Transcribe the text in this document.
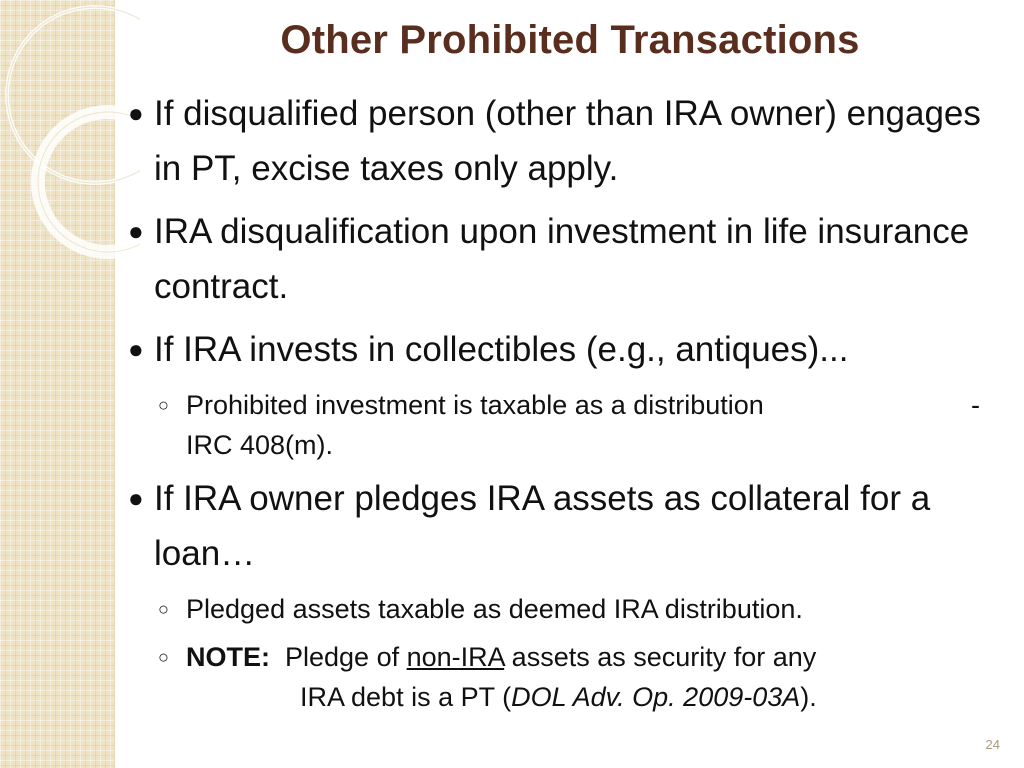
Other Prohibited Transactions
● If disqualified person (other than IRA owner) engages in PT, excise taxes only apply.
● IRA disqualification upon investment in life insurance contract.
● If IRA invests in collectibles (e.g., antiques)...
○ Prohibited investment is taxable as a distribution	-

IRC 408(m).
● If IRA owner pledges IRA assets as collateral for a loan…
○ Pledged assets taxable as deemed IRA distribution.
○ NOTE:  Pledge of non-IRA assets as security for any
IRA debt is a PT (DOL Adv. Op. 2009-03A).
24
